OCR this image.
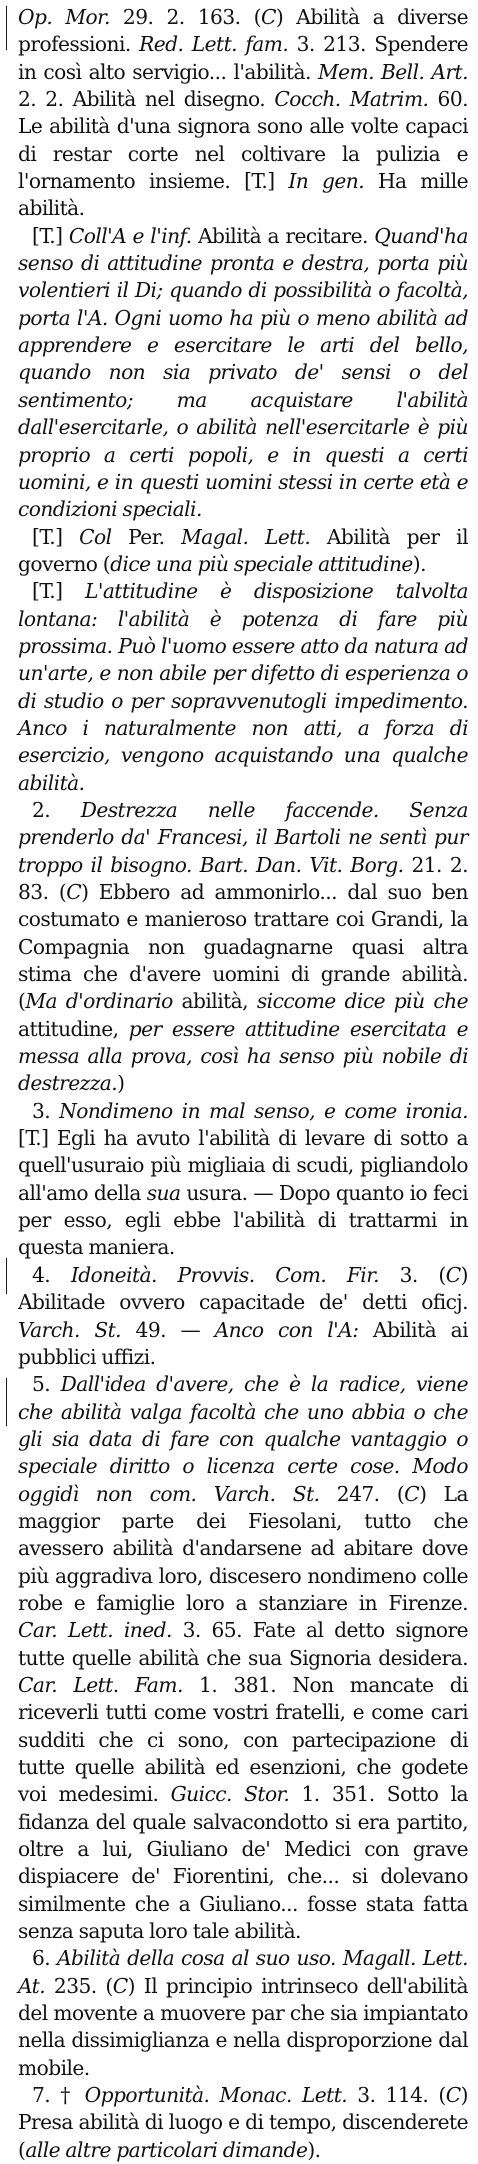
Op. Mor. 29. 2. 163. (C) Abilità a diverse professioni. Red. Lett. fam. 3. 213. Spendere in così alto servigio... l'abilità. Mem. Bell. Art. 2. 2. Abilità nel disegno. Cocch. Matrim. 60. Le abilità d'una signora sono alle volte capaci di restar corte nel coltivare la pulizia e l'ornamento insieme. [T.] In gen. Ha mille abilità.

[T.] Coll'A e l'inf. Abilità a recitare. Quand'ha senso di attitudine pronta e destra, porta più volentieri il Di; quando di possibilità o facoltà, porta l'A. Ogni uomo ha più o meno abilità ad apprendere e esercitare le arti del bello, quando non sia privato de' sensi o del sentimento; ma acquistare l'abilità dall'esercitarle, o abilità nell'esercitarle è più proprio a certi popoli, e in questi a certi uomini, e in questi uomini stessi in certe età e condizioni speciali.

[T.] Col Per. Magal. Lett. Abilità per il governo (dice una più speciale attitudine).

[T.] L'attitudine è disposizione talvolta lontana: l'abilità è potenza di fare più prossima. Può l'uomo essere atto da natura ad un'arte, e non abile per difetto di esperienza o di studio o per sopravvenutogli impedimento. Anco i naturalmente non atti, a forza di esercizio, vengono acquistando una qualche abilità.

2. Destrezza nelle faccende. Senza prenderlo da' Francesi, il Bartoli ne sentì pur troppo il bisogno. Bart. Dan. Vit. Borg. 21. 2. 83. (C) Ebbero ad ammonirlo... dal suo ben costumato e manieroso trattare coi Grandi, la Compagnia non guadagnarne quasi altra stima che d'avere uomini di grande abilità. (Ma d'ordinario abilità, siccome dice più che attitudine, per essere attitudine esercitata e messa alla prova, così ha senso più nobile di destrezza.)

3. Nondimeno in mal senso, e come ironia. [T.] Egli ha avuto l'abilità di levare di sotto a quell'usuraio più migliaia di scudi, pigliandolo all'amo della sua usura. — Dopo quanto io feci per esso, egli ebbe l'abilità di trattarmi in questa maniera.

4. Idoneità. Provvis. Com. Fir. 3. (C) Abilitade ovvero capacitade de' detti oficj. Varch. St. 49. — Anco con l'A: Abilità ai pubblici uffizi.

5. Dall'idea d'avere, che è la radice, viene che abilità valga facoltà che uno abbia o che gli sia data di fare con qualche vantaggio o speciale diritto o licenza certe cose. Modo oggidì non com. Varch. St. 247. (C) La maggior parte dei Fiesolani, tutto che avessero abilità d'andarsene ad abitare dove più aggradiva loro, discesero nondimeno colle robe e famiglie loro a stanziare in Firenze. Car. Lett. ined. 3. 65. Fate al detto signore tutte quelle abilità che sua Signoria desidera. Car. Lett. Fam. 1. 381. Non mancate di riceverli tutti come vostri fratelli, e come cari sudditi che ci sono, con partecipazione di tutte quelle abilità ed esenzioni, che godete voi medesimi. Guicc. Stor. 1. 351. Sotto la fidanza del quale salvacondotto si era partito, oltre a lui, Giuliano de' Medici con grave dispiacere de' Fiorentini, che... si dolevano similmente che a Giuliano... fosse stata fatta senza saputa loro tale abilità.

6. Abilità della cosa al suo uso. Magall. Lett. At. 235. (C) Il principio intrinseco dell'abilità del movente a muovere par che sia impiantato nella dissimiglianza e nella disproporzione dal mobile.

7. † Opportunità. Monac. Lett. 3. 114. (C) Presa abilità di luogo e di tempo, discenderete (alle altre particolari dimande).
